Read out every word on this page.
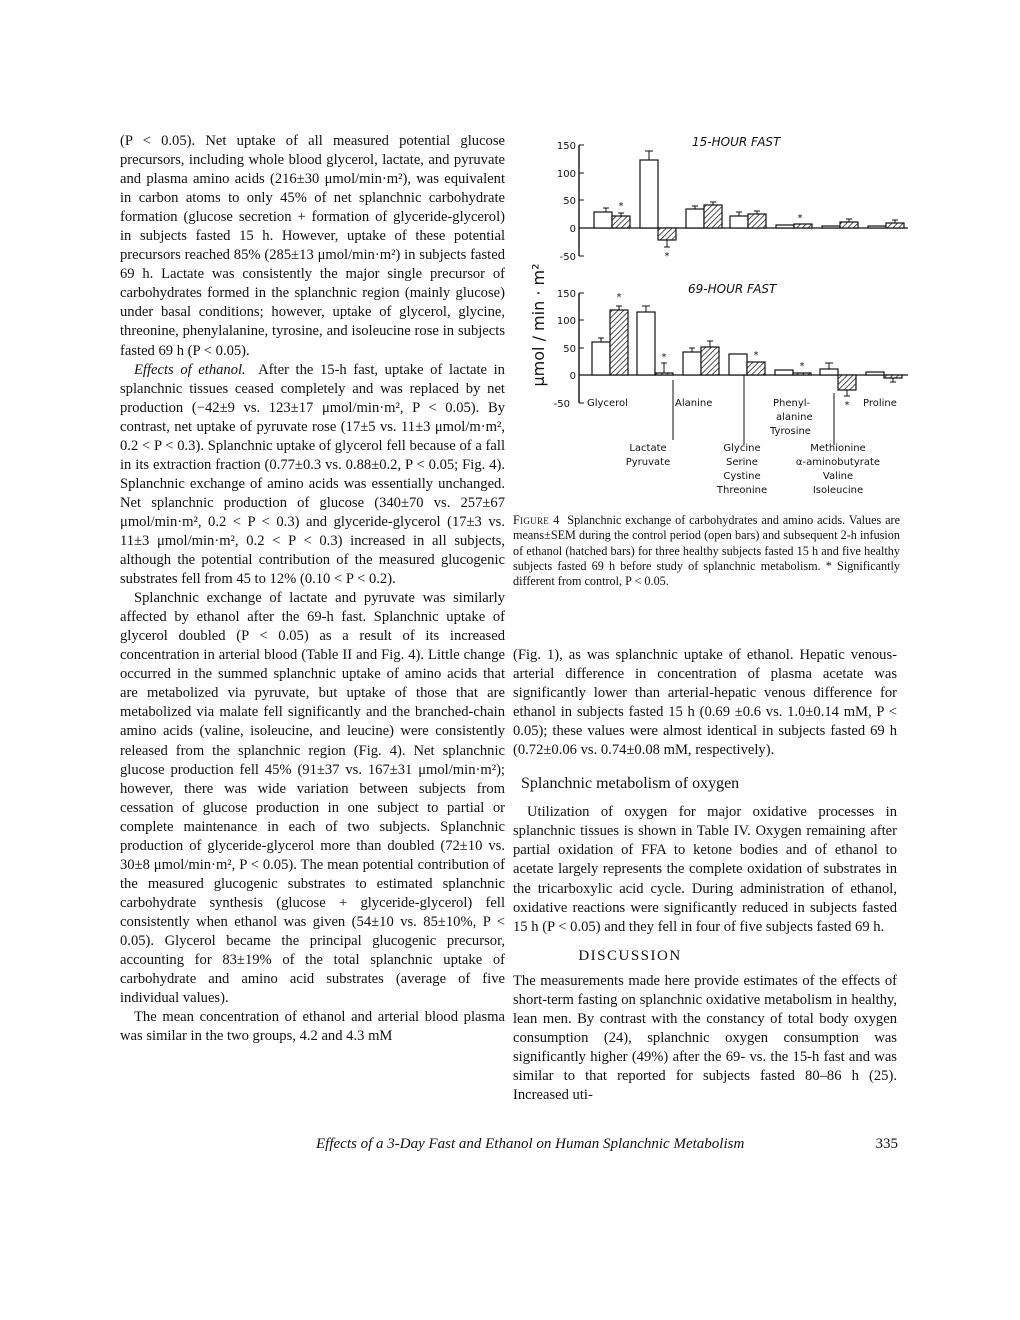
(P < 0.05). Net uptake of all measured potential glucose precursors, including whole blood glycerol, lactate, and pyruvate and plasma amino acids (216±30 μmol/min·m²), was equivalent in carbon atoms to only 45% of net splanchnic carbohydrate formation (glucose secretion + formation of glyceride-glycerol) in subjects fasted 15 h. However, uptake of these potential precursors reached 85% (285±13 μmol/min·m²) in subjects fasted 69 h. Lactate was consistently the major single precursor of carbohydrates formed in the splanchnic region (mainly glucose) under basal conditions; however, uptake of glycerol, glycine, threonine, phenylalanine, tyrosine, and isoleucine rose in subjects fasted 69 h (P < 0.05).

Effects of ethanol. After the 15-h fast, uptake of lactate in splanchnic tissues ceased completely and was replaced by net production (−42±9 vs. 123±17 μmol/min·m², P < 0.05). By contrast, net uptake of pyruvate rose (17±5 vs. 11±3 μmol/m·m², 0.2 < P < 0.3). Splanchnic uptake of glycerol fell because of a fall in its extraction fraction (0.77±0.3 vs. 0.88±0.2, P < 0.05; Fig. 4). Splanchnic exchange of amino acids was essentially unchanged. Net splanchnic production of glucose (340±70 vs. 257±67 μmol/min·m², 0.2 < P < 0.3) and glyceride-glycerol (17±3 vs. 11±3 μmol/min·m², 0.2 < P < 0.3) increased in all subjects, although the potential contribution of the measured glucogenic substrates fell from 45 to 12% (0.10 < P < 0.2).

Splanchnic exchange of lactate and pyruvate was similarly affected by ethanol after the 69-h fast. Splanchnic uptake of glycerol doubled (P < 0.05) as a result of its increased concentration in arterial blood (Table II and Fig. 4). Little change occurred in the summed splanchnic uptake of amino acids that are metabolized via pyruvate, but uptake of those that are metabolized via malate fell significantly and the branched-chain amino acids (valine, isoleucine, and leucine) were consistently released from the splanchnic region (Fig. 4). Net splanchnic glucose production fell 45% (91±37 vs. 167±31 μmol/min·m²); however, there was wide variation between subjects from cessation of glucose production in one subject to partial or complete maintenance in each of two subjects. Splanchnic production of glyceride-glycerol more than doubled (72±10 vs. 30±8 μmol/min·m², P < 0.05). The mean potential contribution of the measured glucogenic substrates to estimated splanchnic carbohydrate synthesis (glucose + glyceride-glycerol) fell consistently when ethanol was given (54±10 vs. 85±10%, P < 0.05). Glycerol became the principal glucogenic precursor, accounting for 83±19% of the total splanchnic uptake of carbohydrate and amino acid substrates (average of five individual values).

The mean concentration of ethanol and arterial blood plasma was similar in the two groups, 4.2 and 4.3 mM

μmol / min · m²
15-HOUR FAST
150
100
50
0
-50
*
*
*
69-HOUR FAST
150
100
50
0
-50
*
*	*
*
*
Glycerol	Alanine	Phenyl-
alanine
Tyrosine
Proline
Lactate
Pyruvate
Glycine
Serine
Cystine
Threonine
Methionine
α-aminobutyrate
Valine
Isoleucine
Figure 4 Splanchnic exchange of carbohydrates and amino acids. Values are means±SEM during the control period (open bars) and subsequent 2-h infusion of ethanol (hatched bars) for three healthy subjects fasted 15 h and five healthy subjects fasted 69 h before study of splanchnic metabolism. * Significantly different from control, P < 0.05.

(Fig. 1), as was splanchnic uptake of ethanol. Hepatic venous-arterial difference in concentration of plasma acetate was significantly lower than arterial-hepatic venous difference for ethanol in subjects fasted 15 h (0.69 ±0.6 vs. 1.0±0.14 mM, P < 0.05); these values were almost identical in subjects fasted 69 h (0.72±0.06 vs. 0.74±0.08 mM, respectively).

Splanchnic metabolism of oxygen

Utilization of oxygen for major oxidative processes in splanchnic tissues is shown in Table IV. Oxygen remaining after partial oxidation of FFA to ketone bodies and of ethanol to acetate largely represents the complete oxidation of substrates in the tricarboxylic acid cycle. During administration of ethanol, oxidative reactions were significantly reduced in subjects fasted 15 h (P < 0.05) and they fell in four of five subjects fasted 69 h.

DISCUSSION

The measurements made here provide estimates of the effects of short-term fasting on splanchnic oxidative metabolism in healthy, lean men. By contrast with the constancy of total body oxygen consumption (24), splanchnic oxygen consumption was significantly higher (49%) after the 69- vs. the 15-h fast and was similar to that reported for subjects fasted 80–86 h (25). Increased uti-

Effects of a 3-Day Fast and Ethanol on Human Splanchnic Metabolism	335
